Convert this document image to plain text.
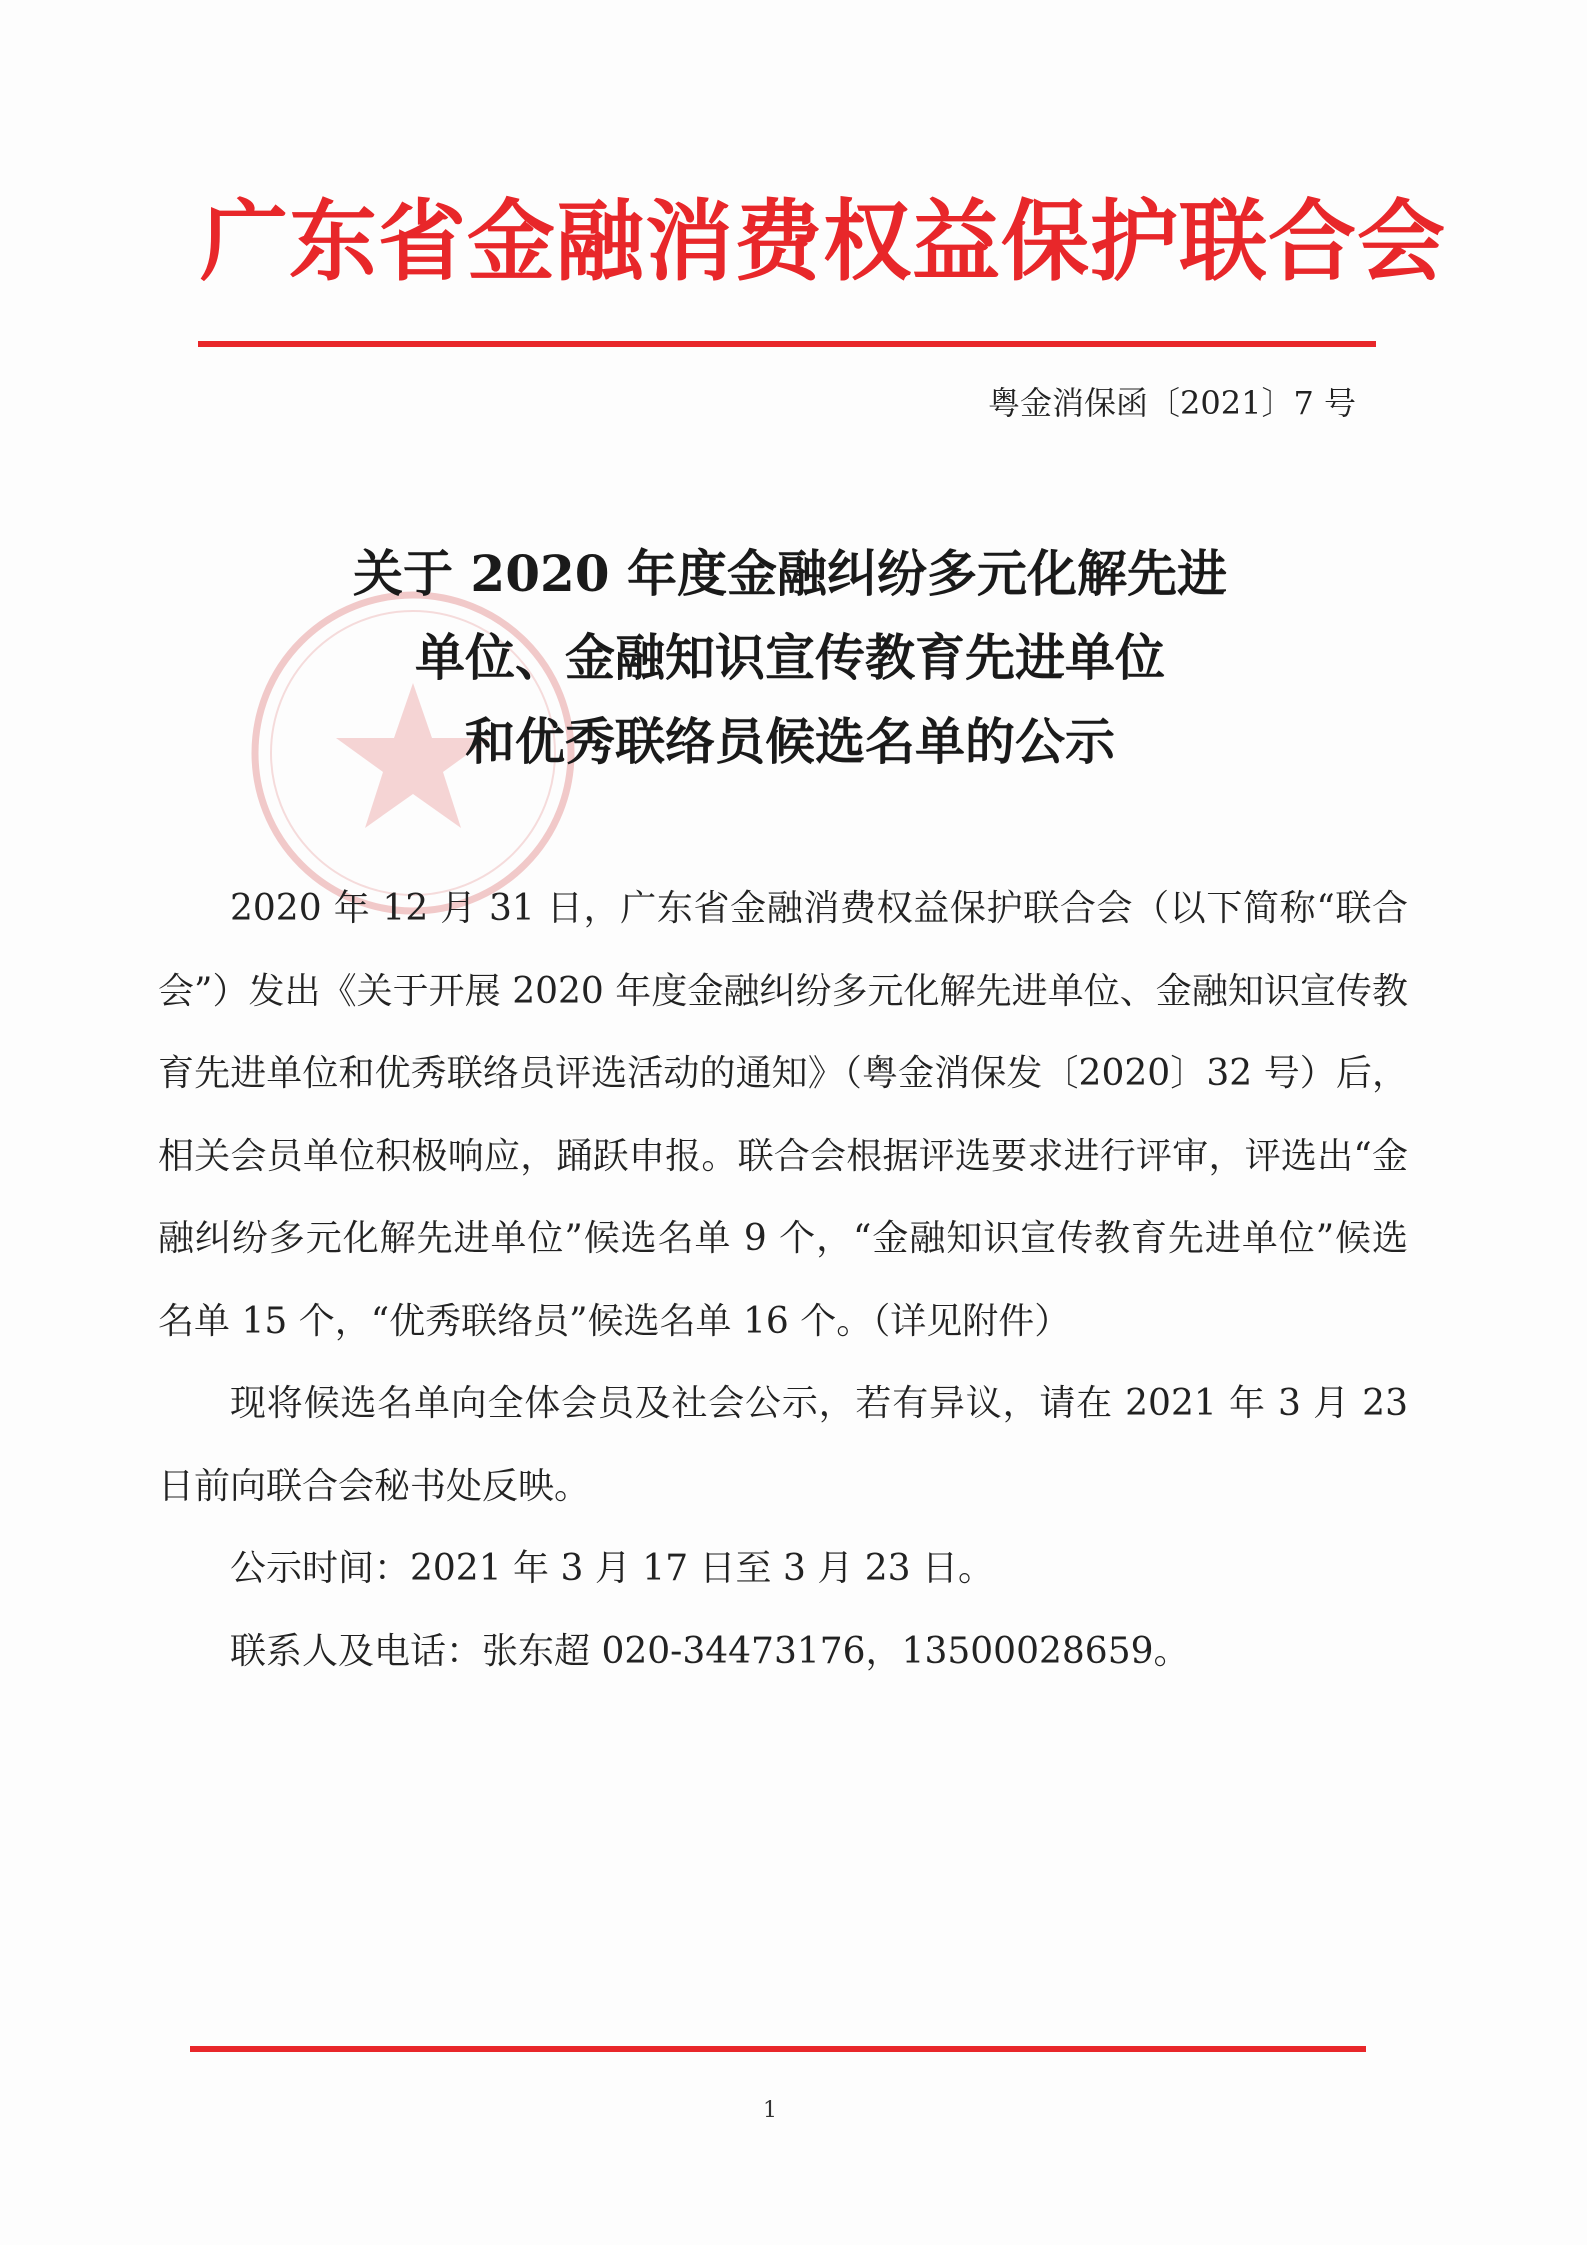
广东省金融消费权益保护联合会
粤金消保函〔2021〕7 号
关于 2020 年度金融纠纷多元化解先进
单位、金融知识宣传教育先进单位
和优秀联络员候选名单的公示

2020 年 12 月 31 日，广东省金融消费权益保护联合会（以下简称“联合会”）发出《关于开展 2020 年度金融纠纷多元化解先进单位、金融知识宣传教育先进单位和优秀联络员评选活动的通知》（粤金消保发〔2020〕32 号）后，相关会员单位积极响应，踊跃申报。联合会根据评选要求进行评审，评选出“金融纠纷多元化解先进单位”候选名单 9 个，“金融知识宣传教育先进单位”候选名单 15 个，“优秀联络员”候选名单 16 个。（详见附件）

现将候选名单向全体会员及社会公示，若有异议，请在 2021 年 3 月 23 日前向联合会秘书处反映。

公示时间：2021 年 3 月 17 日至 3 月 23 日。

联系人及电话：张东超 020-34473176，13500028659。

1
